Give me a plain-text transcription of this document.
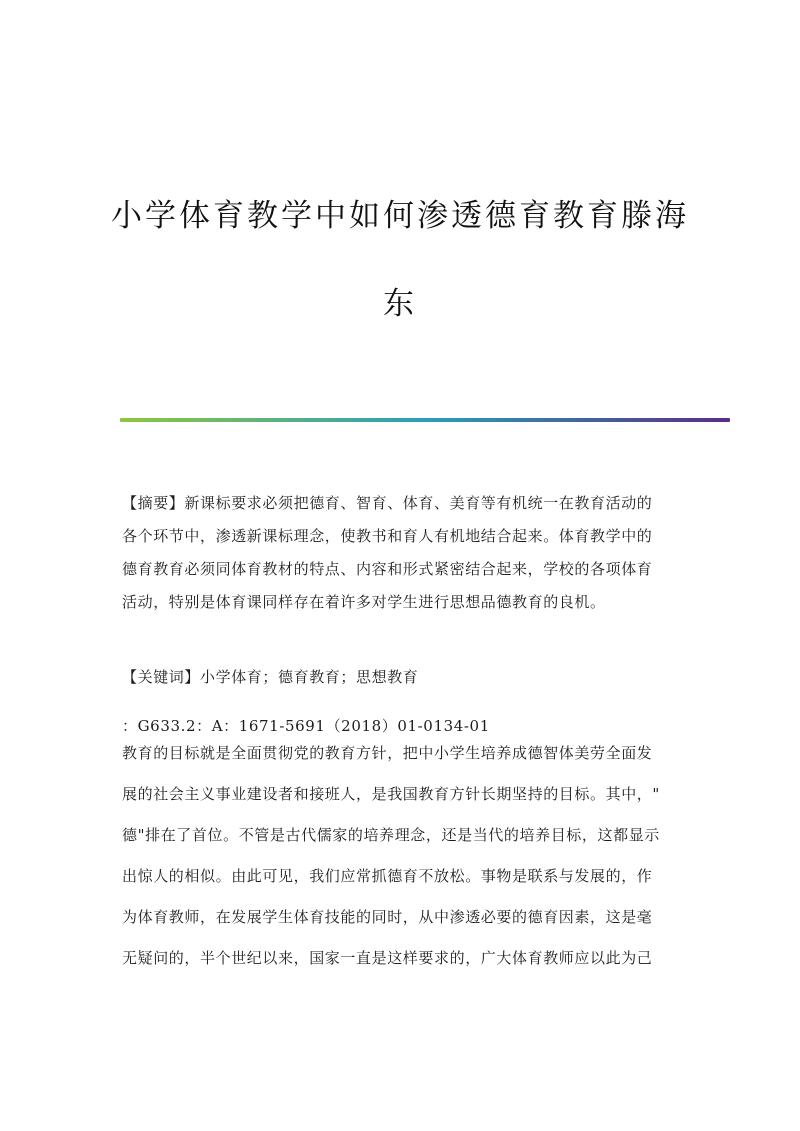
小学体育教学中如何渗透德育教育滕海
东
【摘要】新课标要求必须把德育、智育、体育、美育等有机统一在教育活动的
各个环节中，渗透新课标理念，使教书和育人有机地结合起来。体育教学中的
德育教育必须同体育教材的特点、内容和形式紧密结合起来，学校的各项体育
活动，特别是体育课同样存在着许多对学生进行思想品德教育的良机。
【关键词】小学体育；德育教育；思想教育
：G633.2：A：1671-5691（2018）01-0134-01
教育的目标就是全面贯彻党的教育方针，把中小学生培养成德智体美劳全面发
展的社会主义事业建设者和接班人，是我国教育方针长期坚持的目标。其中，"
德"排在了首位。不管是古代儒家的培养理念，还是当代的培养目标，这都显示
出惊人的相似。由此可见，我们应常抓德育不放松。事物是联系与发展的，作
为体育教师，在发展学生体育技能的同时，从中渗透必要的德育因素，这是毫
无疑问的，半个世纪以来，国家一直是这样要求的，广大体育教师应以此为己
